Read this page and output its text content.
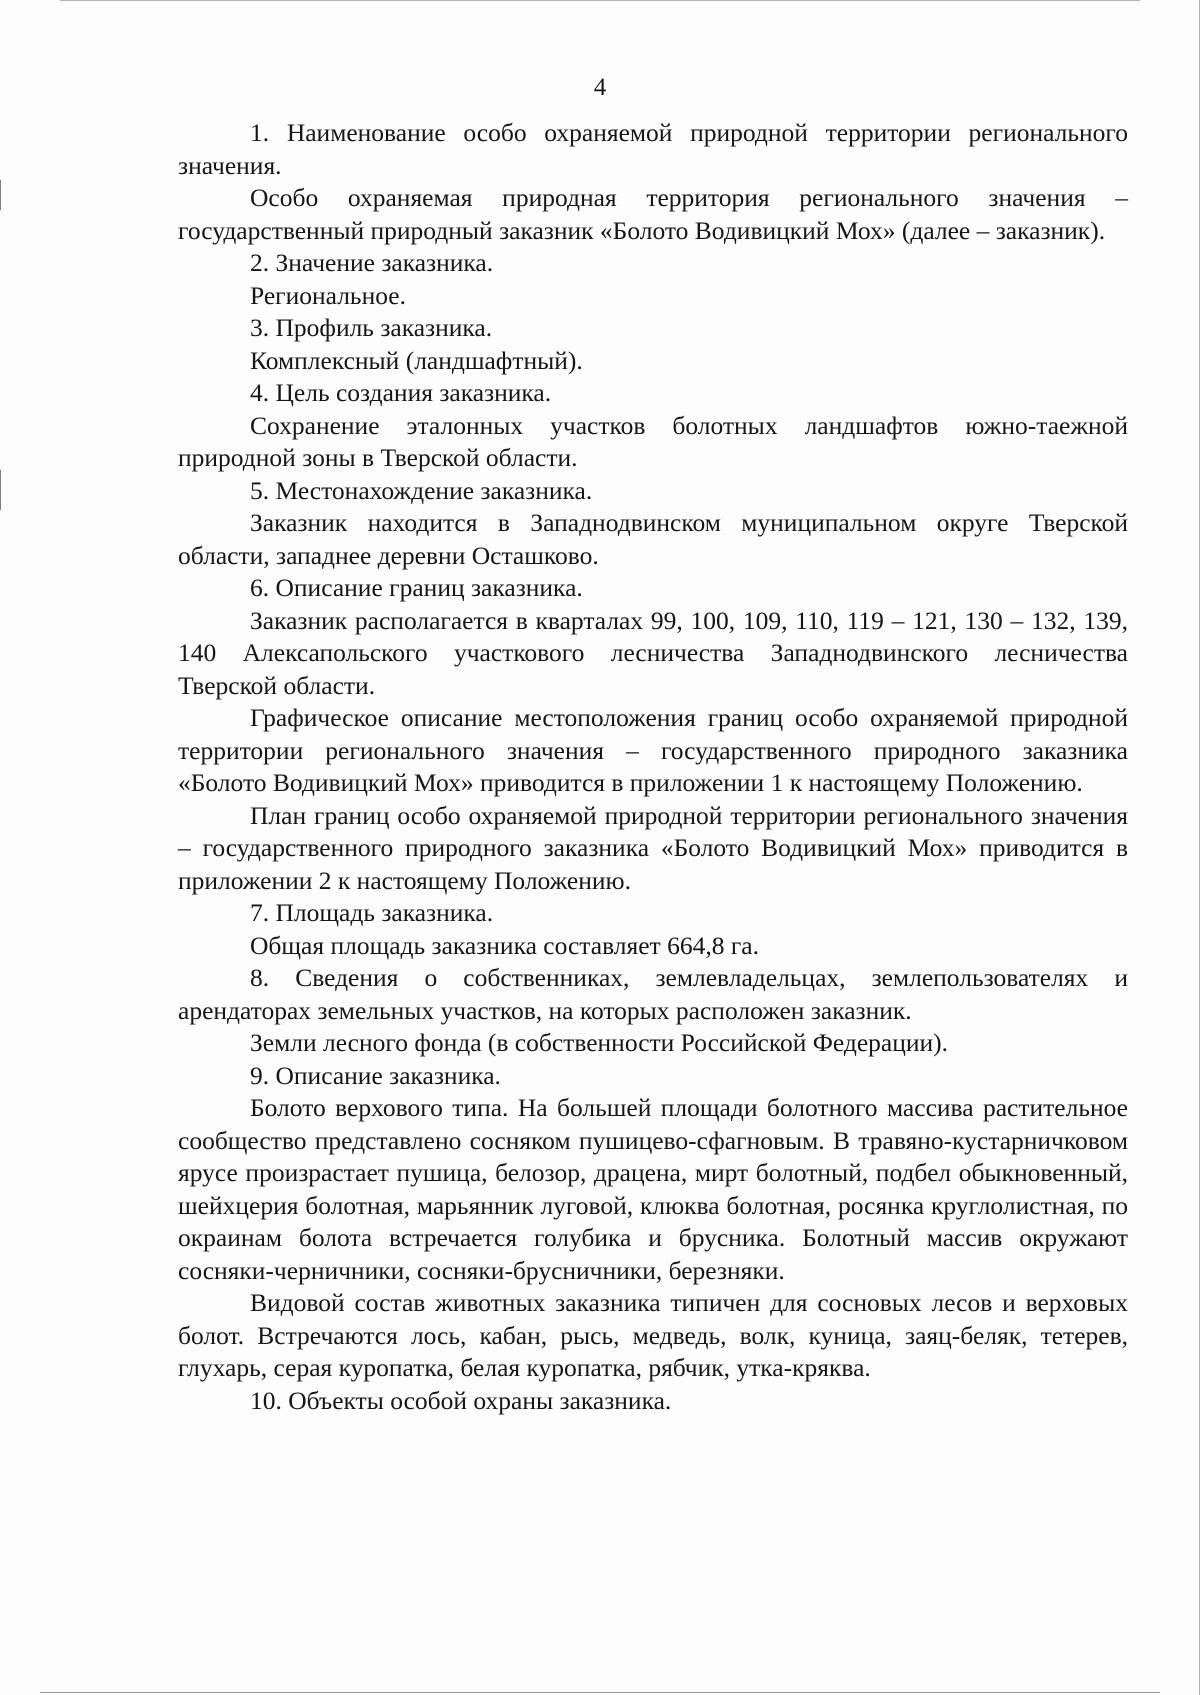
4

1. Наименование особо охраняемой природной территории регионального значения.

Особо охраняемая природная территория регионального значения – государственный природный заказник «Болото Водивицкий Мох» (далее – заказник).

2. Значение заказника.

Региональное.

3. Профиль заказника.

Комплексный (ландшафтный).

4. Цель создания заказника.

Сохранение эталонных участков болотных ландшафтов южно-таежной природной зоны в Тверской области.

5. Местонахождение заказника.

Заказник находится в Западнодвинском муниципальном округе Тверской области, западнее деревни Осташково.

6. Описание границ заказника.

Заказник располагается в кварталах 99, 100, 109, 110, 119 – 121, 130 – 132, 139, 140 Алексапольского участкового лесничества Западнодвинского лесничества Тверской области.

Графическое описание местоположения границ особо охраняемой природной территории регионального значения – государственного природного заказника «Болото Водивицкий Мох» приводится в приложении 1 к настоящему Положению.

План границ особо охраняемой природной территории регионального значения – государственного природного заказника «Болото Водивицкий Мох» приводится в приложении 2 к настоящему Положению.

7. Площадь заказника.

Общая площадь заказника составляет 664,8 га.

8. Сведения о собственниках, землевладельцах, землепользователях и арендаторах земельных участков, на которых расположен заказник.

Земли лесного фонда (в собственности Российской Федерации).

9. Описание заказника.

Болото верхового типа. На большей площади болотного массива растительное сообщество представлено сосняком пушицево-сфагновым. В травяно-кустарничковом ярусе произрастает пушица, белозор, драцена, мирт болотный, подбел обыкновенный, шейхцерия болотная, марьянник луговой, клюква болотная, росянка круглолистная, по окраинам болота встречается голубика и брусника. Болотный массив окружают сосняки-черничники, сосняки-брусничники, березняки.

Видовой состав животных заказника типичен для сосновых лесов и верховых болот. Встречаются лось, кабан, рысь, медведь, волк, куница, заяц-беляк, тетерев, глухарь, серая куропатка, белая куропатка, рябчик, утка-кряква.

10. Объекты особой охраны заказника.
